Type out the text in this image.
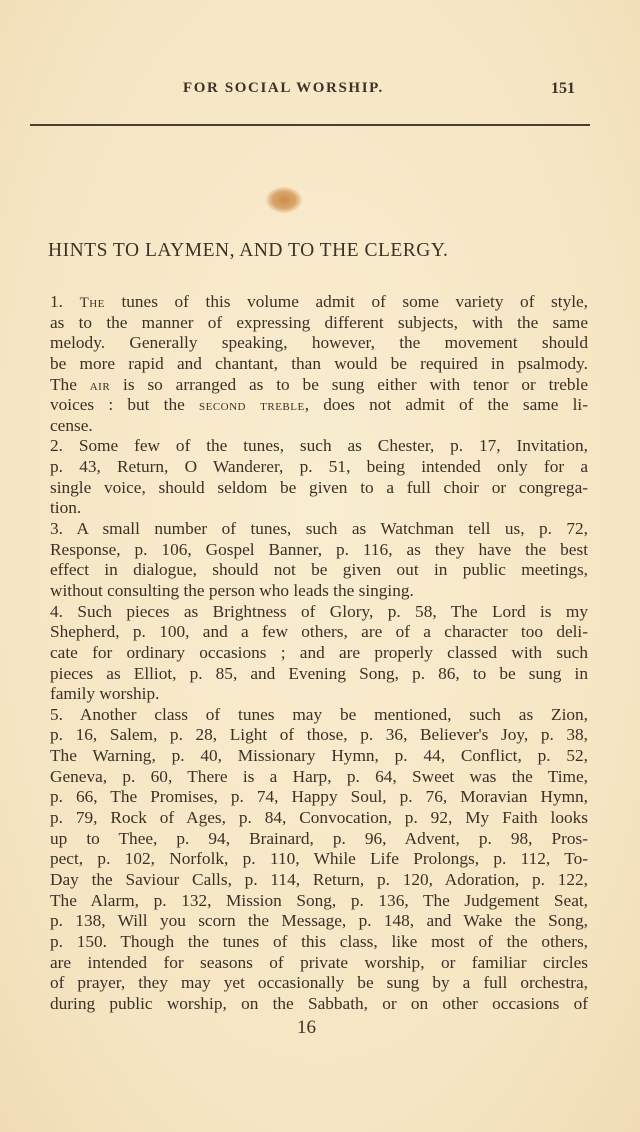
FOR SOCIAL WORSHIP.	151
HINTS TO LAYMEN, AND TO THE CLERGY.
1. The tunes of this volume admit of some variety of style,
as to the manner of expressing different subjects, with the same
melody. Generally speaking, however, the movement should
be more rapid and chantant, than would be required in psalmody.
The air is so arranged as to be sung either with tenor or treble
voices : but the second treble, does not admit of the same li-
cense.
2. Some few of the tunes, such as Chester, p. 17, Invitation,
p. 43, Return, O Wanderer, p. 51, being intended only for a
single voice, should seldom be given to a full choir or congrega-
tion.
3. A small number of tunes, such as Watchman tell us, p. 72,
Response, p. 106, Gospel Banner, p. 116, as they have the best
effect in dialogue, should not be given out in public meetings,
without consulting the person who leads the singing.
4. Such pieces as Brightness of Glory, p. 58, The Lord is my
Shepherd, p. 100, and a few others, are of a character too deli-
cate for ordinary occasions ; and are properly classed with such
pieces as Elliot, p. 85, and Evening Song, p. 86, to be sung in
family worship.
5. Another class of tunes may be mentioned, such as Zion,
p. 16, Salem, p. 28, Light of those, p. 36, Believer's Joy, p. 38,
The Warning, p. 40, Missionary Hymn, p. 44, Conflict, p. 52,
Geneva, p. 60, There is a Harp, p. 64, Sweet was the Time,
p. 66, The Promises, p. 74, Happy Soul, p. 76, Moravian Hymn,
p. 79, Rock of Ages, p. 84, Convocation, p. 92, My Faith looks
up to Thee, p. 94, Brainard, p. 96, Advent, p. 98, Pros-
pect, p. 102, Norfolk, p. 110, While Life Prolongs, p. 112, To-
Day the Saviour Calls, p. 114, Return, p. 120, Adoration, p. 122,
The Alarm, p. 132, Mission Song, p. 136, The Judgement Seat,
p. 138, Will you scorn the Message, p. 148, and Wake the Song,
p. 150. Though the tunes of this class, like most of the others,
are intended for seasons of private worship, or familiar circles
of prayer, they may yet occasionally be sung by a full orchestra,
during public worship, on the Sabbath, or on other occasions of
16
